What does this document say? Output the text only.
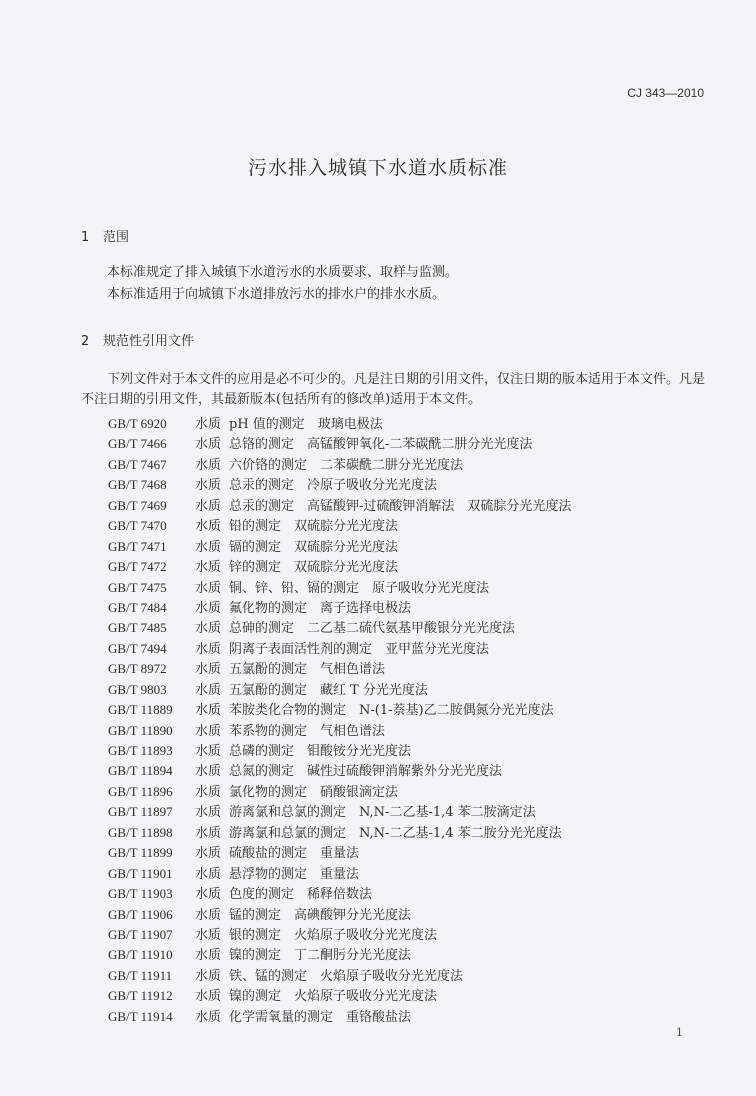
CJ 343—2010
污水排入城镇下水道水质标准
1 范围
本标准规定了排入城镇下水道污水的水质要求、取样与监测。
本标准适用于向城镇下水道排放污水的排水户的排水水质。
2 规范性引用文件
下列文件对于本文件的应用是必不可少的。凡是注日期的引用文件，仅注日期的版本适用于本文件。凡是不注日期的引用文件，其最新版本(包括所有的修改单)适用于本文件。
GB/T 6920 水质 pH 值的测定　玻璃电极法
GB/T 7466 水质 总铬的测定　高锰酸钾氧化-二苯碳酰二肼分光光度法
GB/T 7467 水质 六价铬的测定　二苯碳酰二肼分光光度法
GB/T 7468 水质 总汞的测定　冷原子吸收分光光度法
GB/T 7469 水质 总汞的测定　高锰酸钾-过硫酸钾消解法　双硫腙分光光度法
GB/T 7470 水质 铅的测定　双硫腙分光光度法
GB/T 7471 水质 镉的测定　双硫腙分光光度法
GB/T 7472 水质 锌的测定　双硫腙分光光度法
GB/T 7475 水质 铜、锌、铅、镉的测定　原子吸收分光光度法
GB/T 7484 水质 氟化物的测定　离子选择电极法
GB/T 7485 水质 总砷的测定　二乙基二硫代氨基甲酸银分光光度法
GB/T 7494 水质 阴离子表面活性剂的测定　亚甲蓝分光光度法
GB/T 8972 水质 五氯酚的测定　气相色谱法
GB/T 9803 水质 五氯酚的测定　藏红 T 分光光度法
GB/T 11889 水质 苯胺类化合物的测定　N-(1-萘基)乙二胺偶氮分光光度法
GB/T 11890 水质 苯系物的测定　气相色谱法
GB/T 11893 水质 总磷的测定　钼酸铵分光光度法
GB/T 11894 水质 总氮的测定　碱性过硫酸钾消解紫外分光光度法
GB/T 11896 水质 氯化物的测定　硝酸银滴定法
GB/T 11897 水质 游离氯和总氯的测定　N,N-二乙基-1,4 苯二胺滴定法
GB/T 11898 水质 游离氯和总氯的测定　N,N-二乙基-1,4 苯二胺分光光度法
GB/T 11899 水质 硫酸盐的测定　重量法
GB/T 11901 水质 悬浮物的测定　重量法
GB/T 11903 水质 色度的测定　稀释倍数法
GB/T 11906 水质 锰的测定　高碘酸钾分光光度法
GB/T 11907 水质 银的测定　火焰原子吸收分光光度法
GB/T 11910 水质 镍的测定　丁二酮肟分光光度法
GB/T 11911 水质 铁、锰的测定　火焰原子吸收分光光度法
GB/T 11912 水质 镍的测定　火焰原子吸收分光光度法
GB/T 11914 水质 化学需氧量的测定　重铬酸盐法
1
